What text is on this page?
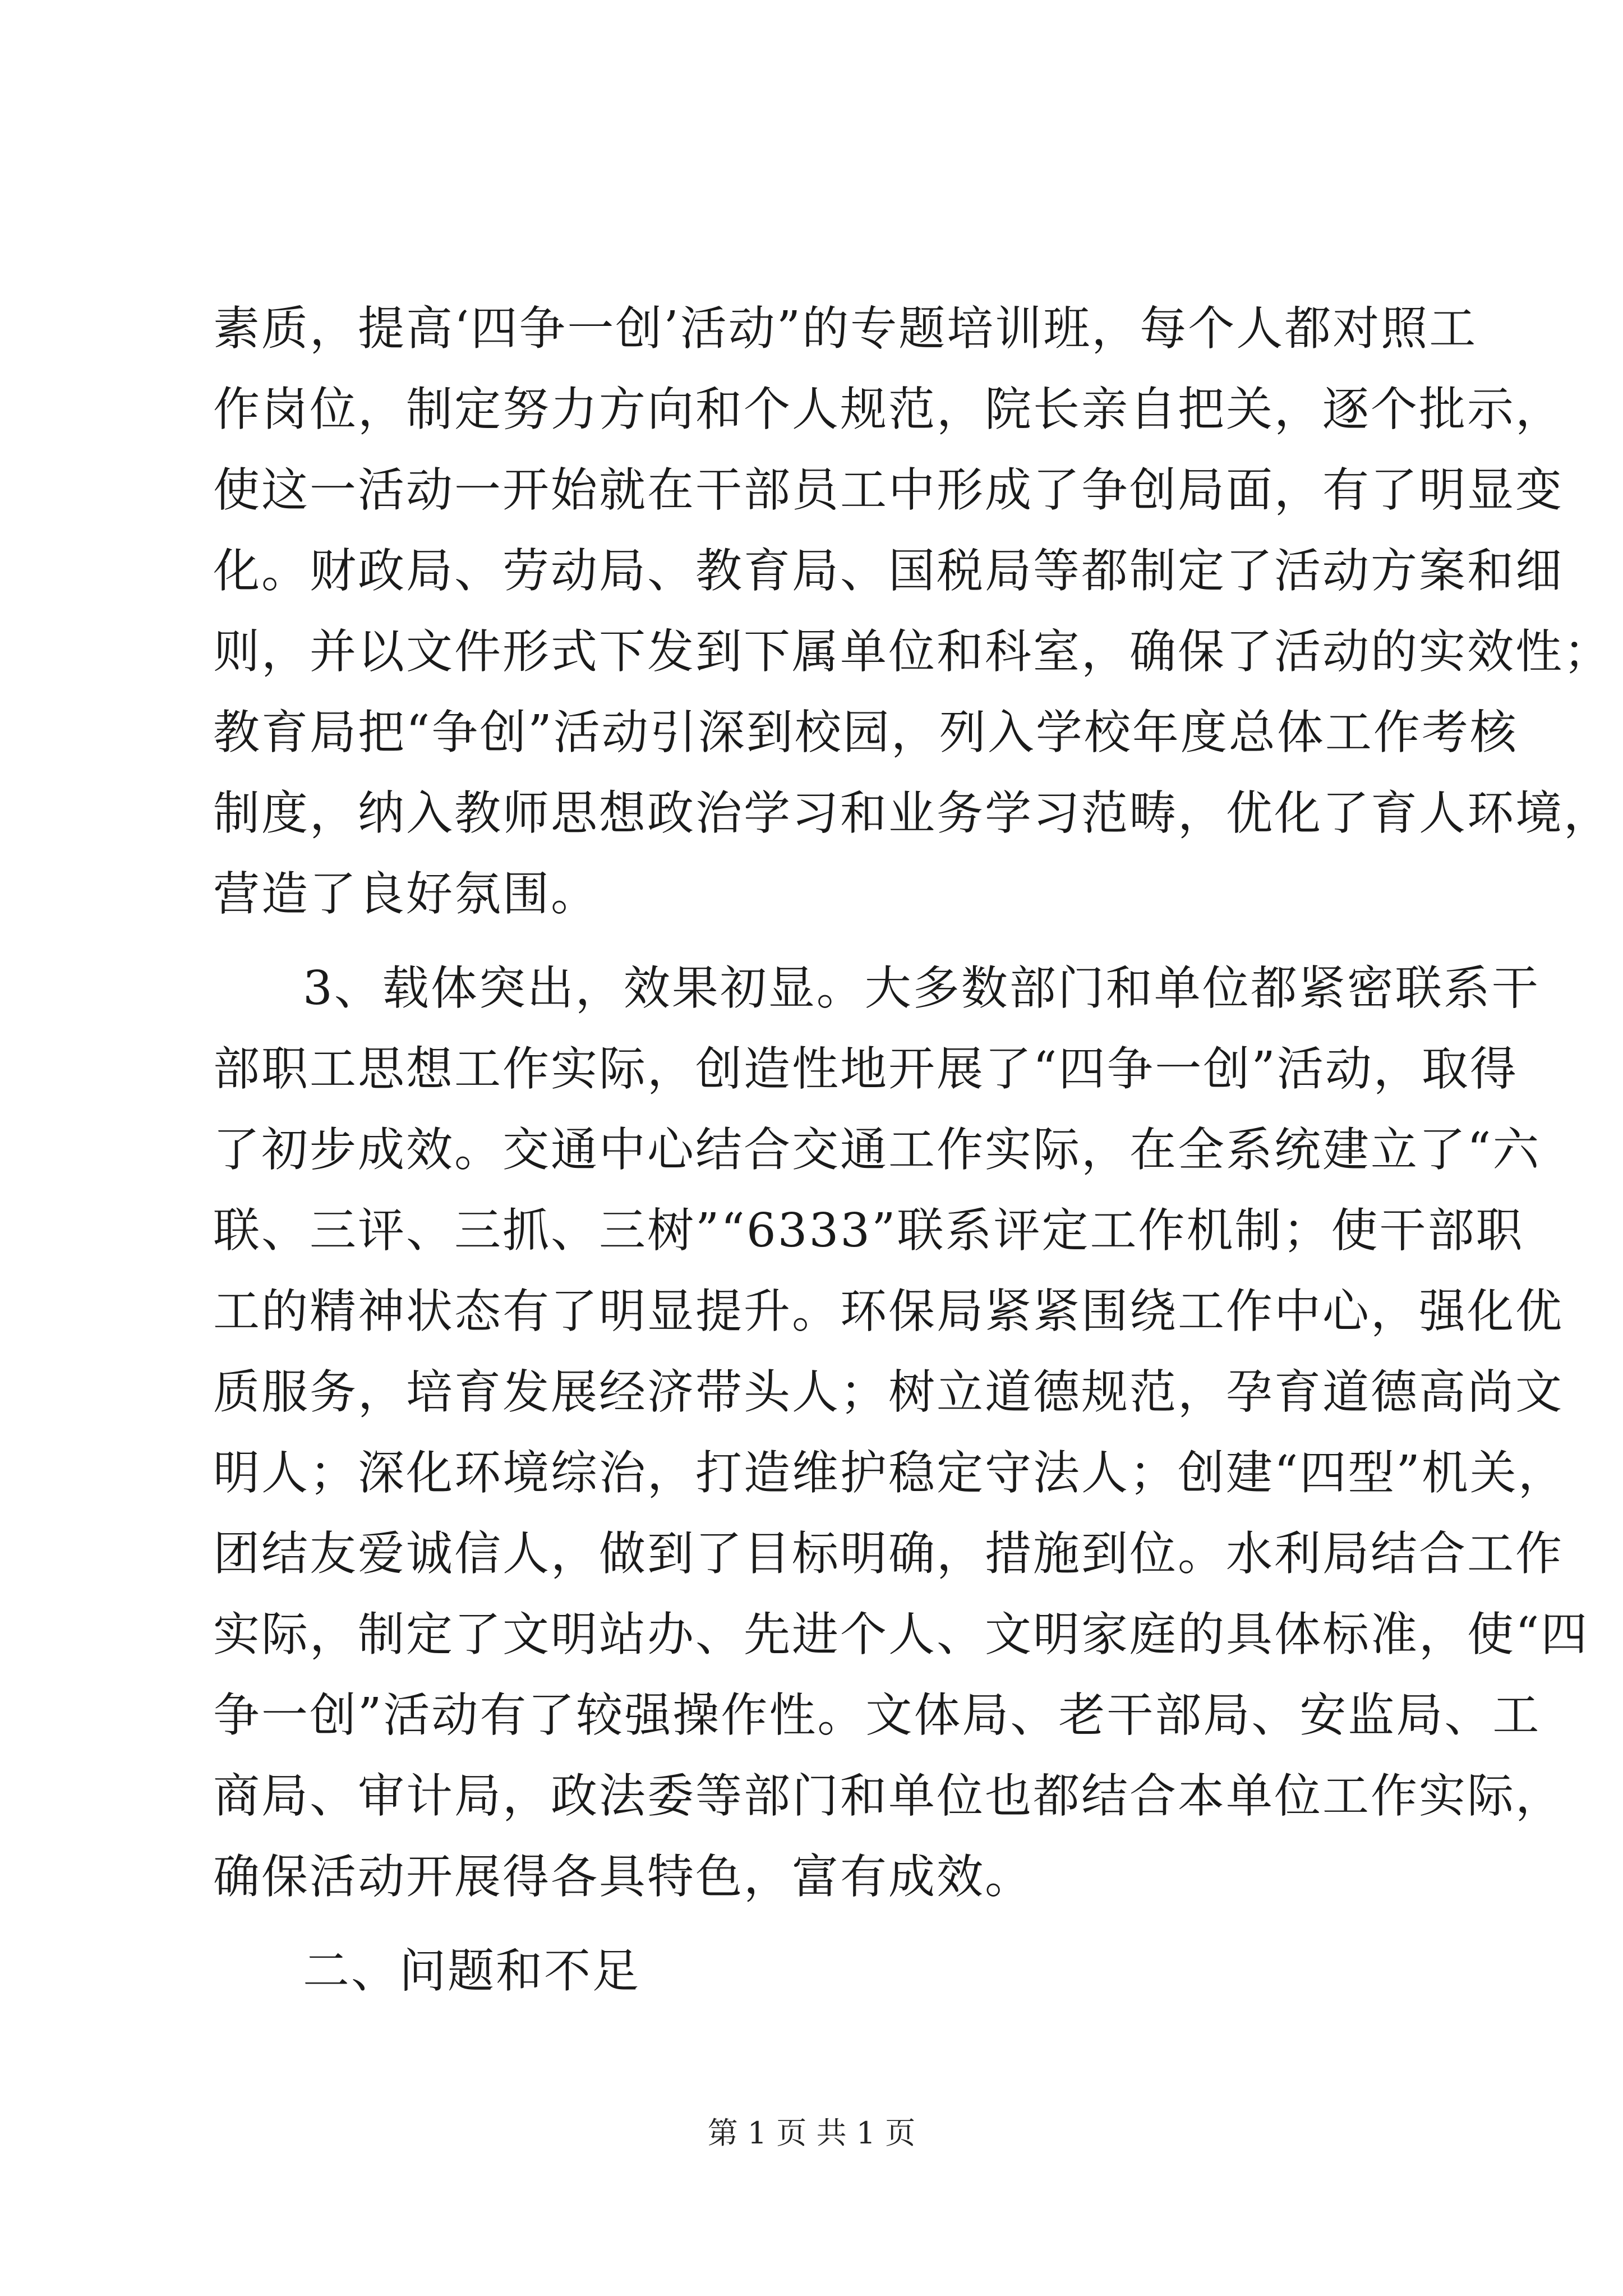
素质，提高‘四争一创’活动”的专题培训班，每个人都对照工
作岗位，制定努力方向和个人规范，院长亲自把关，逐个批示，
使这一活动一开始就在干部员工中形成了争创局面，有了明显变
化。财政局、劳动局、教育局、国税局等都制定了活动方案和细
则，并以文件形式下发到下属单位和科室，确保了活动的实效性；
教育局把“争创”活动引深到校园，列入学校年度总体工作考核
制度，纳入教师思想政治学习和业务学习范畴，优化了育人环境，
营造了良好氛围。
3、载体突出，效果初显。大多数部门和单位都紧密联系干
部职工思想工作实际，创造性地开展了“四争一创”活动，取得
了初步成效。交通中心结合交通工作实际，在全系统建立了“六
联、三评、三抓、三树”“6333”联系评定工作机制；使干部职
工的精神状态有了明显提升。环保局紧紧围绕工作中心，强化优
质服务，培育发展经济带头人；树立道德规范，孕育道德高尚文
明人；深化环境综治，打造维护稳定守法人；创建“四型”机关，
团结友爱诚信人，做到了目标明确，措施到位。水利局结合工作
实际，制定了文明站办、先进个人、文明家庭的具体标准，使“四
争一创”活动有了较强操作性。文体局、老干部局、安监局、工
商局、审计局，政法委等部门和单位也都结合本单位工作实际，
确保活动开展得各具特色，富有成效。
二、问题和不足
第 1 页 共 1 页
